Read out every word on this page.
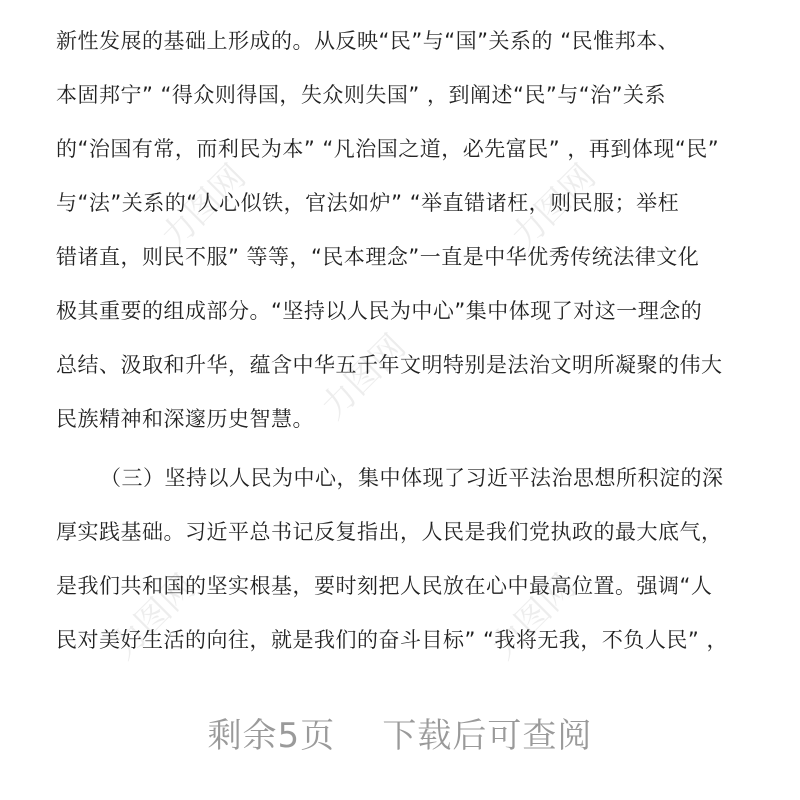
力图网
力图网
力图网
力图网	力图网
新性发展的基础上形成的。从反映“民”与“国”关系的 “民惟邦本、
本固邦宁” “得众则得国，失众则失国” ，到阐述“民”与“治”关系
的“治国有常，而利民为本” “凡治国之道，必先富民” ，再到体现“民”
与“法”关系的“人心似铁，官法如炉” “举直错诸枉，则民服；举枉
错诸直，则民不服” 等等，“民本理念”一直是中华优秀传统法律文化
极其重要的组成部分。“坚持以人民为中心”集中体现了对这一理念的
总结、汲取和升华，蕴含中华五千年文明特别是法治文明所凝聚的伟大
民族精神和深邃历史智慧。
（三）坚持以人民为中心，集中体现了习近平法治思想所积淀的深
厚实践基础。习近平总书记反复指出，人民是我们党执政的最大底气，
是我们共和国的坚实根基，要时刻把人民放在心中最高位置。强调“人
民对美好生活的向往，就是我们的奋斗目标” “我将无我，不负人民” ，
剩余5页    下载后可查阅
